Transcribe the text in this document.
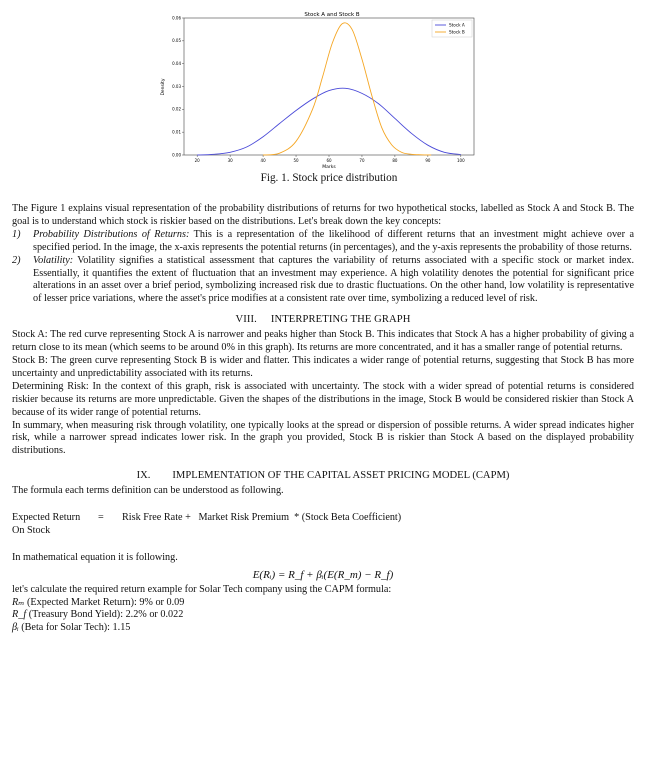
Stock A and Stock B
20	30	40	50	60	70	80	90	100
0.00
0.01
0.02
0.03
0.04
0.05
0.06
Marks
Density
Stock A
Stock B
Fig. 1. Stock price distribution

The Figure 1 explains visual representation of the probability distributions of returns for two hypothetical stocks, labelled as Stock A and Stock B. The goal is to understand which stock is riskier based on the distributions. Let's break down the key concepts:

1)	Probability Distributions of Returns: This is a representation of the likelihood of different returns that an investment might achieve over a specified period. In the image, the x-axis represents the potential returns (in percentages), and the y-axis represents the probability of those returns.
2)	Volatility: Volatility signifies a statistical assessment that captures the variability of returns associated with a specific stock or market index. Essentially, it quantifies the extent of fluctuation that an investment may experience. A high volatility denotes the potential for significant price alterations in an asset over a brief period, symbolizing increased risk due to drastic fluctuations. On the other hand, low volatility is representative of lesser price variations, where the asset's price modifies at a consistent rate over time, symbolizing a reduced level of risk.
VIII. INTERPRETING THE GRAPH

Stock A: The red curve representing Stock A is narrower and peaks higher than Stock B. This indicates that Stock A has a higher probability of giving a return close to its mean (which seems to be around 0% in this graph). Its returns are more concentrated, and it has a smaller range of potential returns.

Stock B: The green curve representing Stock B is wider and flatter. This indicates a wider range of potential returns, suggesting that Stock B has more uncertainty and unpredictability associated with its returns.

Determining Risk: In the context of this graph, risk is associated with uncertainty. The stock with a wider spread of potential returns is considered riskier because its returns are more unpredictable. Given the shapes of the distributions in the image, Stock B would be considered riskier than Stock A because of its wider range of potential returns.

In summary, when measuring risk through volatility, one typically looks at the spread or dispersion of possible returns. A wider spread indicates higher risk, while a narrower spread indicates lower risk. In the graph you provided, Stock B is riskier than Stock A based on the displayed probability distributions.

IX. IMPLEMENTATION OF THE CAPITAL ASSET PRICING MODEL (CAPM)

The formula each terms definition can be understood as following.

Expected Return	=	Risk Free Rate +   Market Risk Premium  * (Stock Beta Coefficient)
On Stock
In mathematical equation it is following.
E(Rᵢ) = R_f + βᵢ(E(R_m) − R_f)
let's calculate the required return example for Solar Tech company using the CAPM formula:
Rₘ (Expected Market Return): 9% or 0.09
R_f (Treasury Bond Yield): 2.2% or 0.022
βᵢ (Beta for Solar Tech): 1.15
